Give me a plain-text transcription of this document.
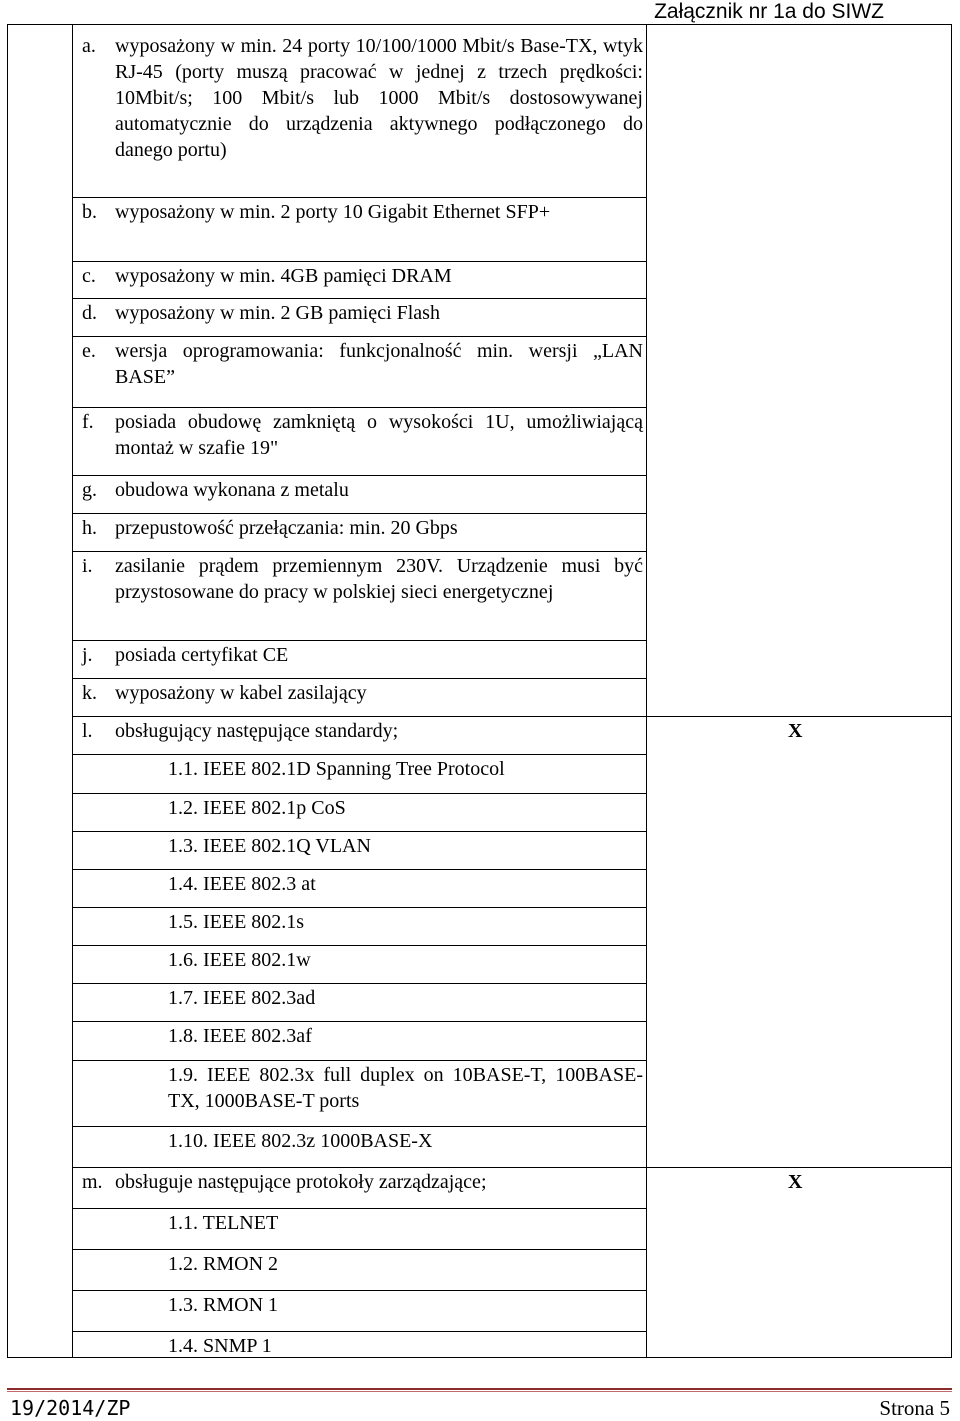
Załącznik nr 1a do SIWZ
a. wyposażony w min. 24 porty 10/100/1000 Mbit/s Base-TX, wtyk RJ-45 (porty muszą pracować w jednej z trzech prędkości: 10Mbit/s; 100 Mbit/s lub 1000 Mbit/s dostosowywanej automatycznie do urządzenia aktywnego podłączonego do danego portu)
b. wyposażony w min. 2 porty 10 Gigabit Ethernet SFP+
c. wyposażony w min. 4GB pamięci DRAM
d. wyposażony w min. 2 GB pamięci Flash
e. wersja oprogramowania: funkcjonalność min. wersji „LAN BASE”
f. posiada obudowę zamkniętą o wysokości 1U, umożliwiającą montaż w szafie 19"
g. obudowa wykonana z metalu
h. przepustowość przełączania: min. 20 Gbps
i. zasilanie prądem przemiennym 230V. Urządzenie musi być przystosowane do pracy w polskiej sieci energetycznej
j. posiada certyfikat CE
k. wyposażony w kabel zasilający
l. obsługujący następujące standardy;	X
1.1. IEEE 802.1D Spanning Tree Protocol
1.2. IEEE 802.1p CoS
1.3. IEEE 802.1Q VLAN
1.4. IEEE 802.3 at
1.5. IEEE 802.1s
1.6. IEEE 802.1w
1.7. IEEE 802.3ad
1.8. IEEE 802.3af
1.9. IEEE 802.3x full duplex on 10BASE-T, 100BASE-TX, 1000BASE-T ports
1.10. IEEE 802.3z 1000BASE-X
m. obsługuje następujące protokoły zarządzające;	X
1.1. TELNET
1.2. RMON 2
1.3. RMON 1
1.4. SNMP 1
19/2014/ZP	Strona 5
